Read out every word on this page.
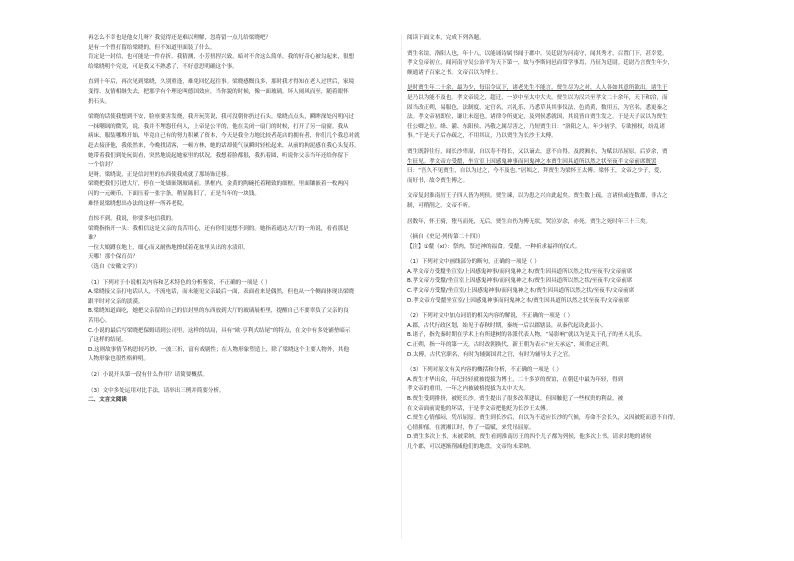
再怎么不幸也是他女儿呀？我觉得还是难以理解，忽将留一点儿给梁晓吧？
是有一个曾打留给梁晓的，但不知道里面装了什么。
肯定是一封信，也可能是一件存折。我猜测，小芳扭捏兴致，暗对不舍这么简单，我的好奇心被勾起来，很想
给梁晓明个究竟，可是我又不熟悉了，不好意思明确这个事。
直到十年后，再次见到梁晓，久别重逢，难免回忆起往事。梁晓感慨良多，那时我才得知在老人过世后，家境
变得、友情相继失去，把那学有个理论叫德国效应，当你貌的时候，像一面玻璃，坏人闹风而至，随着眼怀
扔石头。
梁晓的话使我想到不安，脸禀要害发烧，我开玩笑说，我可没朝你扔过石头。梁晓点点头，瞬眸深处闪明闪过
一抹嘲讽的微笑，说，我并不埋怨任何人，上帝是公平的，他在关闭一扇门的时候，打开了另一扇窗。我从
病床，服装哪堆开始，毕竟自己有的努力积累了资本，今天是我全力地比较者花店的拥有者，你们几个我总对就
赶去接济他，我依然来，今晚找请客，一顿方林，她的话却使气氛瞬时轻松起来，从前的拘泥感在我心头复苏。
她带着我们到处玩街看，突然地说起她家里的状况，我想着脸都很，我扒着圆，听说你父亲当年还给你留下
一个信封？
是呀，梁晓说，正是信封里的东西使我成就了那场饰迁移。
梁晓把我们引进大厅，停在一处墙嵌钢玻璃前。黑框内，金黄的陶碗托着精致的细框，里面镶嵌着一枚两闪
闪的一元硬币，下面压着一张字条，稍显陈旧了，正是当年的一块钱。
难怪说梁晓想出办法的这样一所养老院。
直惊不到，我说，你要多电信我的。
梁晓指指开一头：我相信这是父亲的良苦用心，还有你们更想不到的。她指着通达大厅的一角说，看看那是
谁？
一位大娘蹲在地上，细心而又耐热地擦拭着花盆里头出的水渍印。
天哪！那个保育员？
（选自《安徽文学》）
（1）下列对于小说相关内容和艺术特色的分析鉴赏，不正确的一项是（ ）
A.梁晓接父亲打电话认人，不流电话，而未能见父亲最后一面，表面看来是偶然，但也从一个侧面体现出梁晓
跟平时对父亲的淡漠。
B.梁晓知道面吃，她把父亲留给自己的信封里的东西放到大厅的玻璃展柜里，提醒自己不要辜负了父亲的良
苦用心。
C.小说的最后写梁晓把保姆请到公司里，这样的结局，具有“欧·亨利式结尾”的特点，在文中有多处铺垫暗示
了这样的结尾。
D.这则故事情节构思较巧妙，一波三折，富有戏剧性；在人物形象塑造上，除了梁晓这个主要人物外，其他
人物形象也很性格鲜明。
（2）小说开头第一段有什么作用？请简要概括。
（3）文中多处运用对比手法，请举出三例并简要分析。
二、文言文阅读
阅读下面文本，完成下列各题。
贾生名谊，洛阳人也，年十八，以能诵诗属书闻于郡中。吴廷尉为河南守，闻其秀才，召置门下，甚幸爱。
孝文皇帝初立，闻河南守吴公治平为天下第一，故与李斯同邑而常学事焉，乃征为廷尉。廷尉乃言贾生年少，
颇通诸子百家之书。文帝召以为博士。
是时贾生年二十余，最为少，每诏令议下，诸老先生不能言，贾生尽为之对，人人各如其意所欲出。诸生于
是乃以为能不及也。孝文帝说之，超迁，一岁中至太中大夫。贾生以为汉兴至孝文二十余年，天下和洽，而
固当改正朔，易服色，法制度，定官名，兴礼乐，乃悉草具其事仪法，色尚黄，数用五，为官名，悉更秦之
法。孝文帝初即位，谦让未遑也。诸律令所更定，及列侯悉就国，其说皆自贾生发之。于是天子议以为贾生
任公卿之位。绛、灌、东阳侯、冯敬之属尽害之，乃短贾生曰：“洛阳之人，年少初学，专欲擅权，纷乱诸
事。”于是天子后亦疏之，不用其议，乃以贾生为长沙王太傅。
贾生既辞往行，闻长沙卑湿，自以寿不得长，又以谪去，意不自得。及渡湘水，为赋以吊屈原。后岁余，贾
生征见。孝文帝方受釐，坐宣室上因感鬼神事而问鬼神之本贾生因具道所以然之状至夜半文帝前席既罢
曰：“吾久不见贾生，自以为过之，今不及也。”居顷之，拜贾生为梁怀王太傅。梁怀王，文帝之少子，爱，
而好书，故令贾生傅之。
文帝复封淮南厉王子四人皆为列侯。贾生谏，以为患之兴自此起矣。贾生数上疏，言诸侯或连数郡，非古之
制，可稍削之。文帝不听。
居数年，怀王骑，堕马而死，无后。贾生自伤为傅无状，哭泣岁余，亦死。贾生之死时年三十三矣。
（摘自《史记·列传第二十四》）
【注】①釐（xī）：祭肉，祭过神的福食。受釐，一种祈求福祥的仪式。
（1）下列对文中画线部分的断句，正确的一项是（ ）
A.孝文帝方受釐坐宣室/上因感鬼神事/而问鬼神之本/贾生因具道所以然之状/至夜半/文帝前席
B.孝文帝方受釐/坐宣室上因感鬼神事/而问鬼神之本/贾生因具道所以然之状/至夜半/文帝前席
C.孝文帝方受釐/坐宣室/上因感鬼神事/而问鬼神之本/贾生因具道所以然之状/至夜半/文帝前席
D.孝文帝方受釐坐宣室/上因感鬼神事而问鬼神之本/贾生因具道所以然之状至夜半/文帝前席
（2）下列对文中加点词语的相关内容的解说，不正确的一项是（ ）
A.郡，古代行政区划，始见于春秋时期，秦统一后以郡辖县，从秦代起设此县小。
B.诸子，指先秦时期在学术上有所建树的各派代表人物，“易影响”就以为是关于孔子的圣人礼乐。
C.正朔，指一年的第一天，古时改朝换代，新王朝为表示“应天承运”，须重定正朔。
D.太傅，古代官职名，有时为辅弼国君之官，有时为辅导太子之官。
（3）下列对原文有关内容的概括和分析，不正确的一项是（ ）
A.贾生才华出众，年纪轻轻就被提拔为博士，二十多岁的贾谊，在朝廷中最为年轻，得到
孝文帝的重用，一年之内被破格提拔为太中大夫。
B.贾生受到排挤，被贬长沙。贾生提出了很多改革建议，但因触犯了一些权贵的利益，被
在文帝面前说他的坏话，于是孝文帝把他贬为长沙王太傅。
C.贾生心情郁闷，凭吊屈原。贾生到长沙后，自以为不适应长沙的气候，寿命不会长久，又因被贬而意不自得，
心情抑郁。在渡湘江时，作了一篇赋，来凭吊屈原。
D.贾生多次上书，未被采纳。贾生看到淮南厉王的四个儿子都为列侯，他多次上书，请求封地的诸侯
几个郡，可以逐渐削减他们的地盘，文帝均未采纳。
